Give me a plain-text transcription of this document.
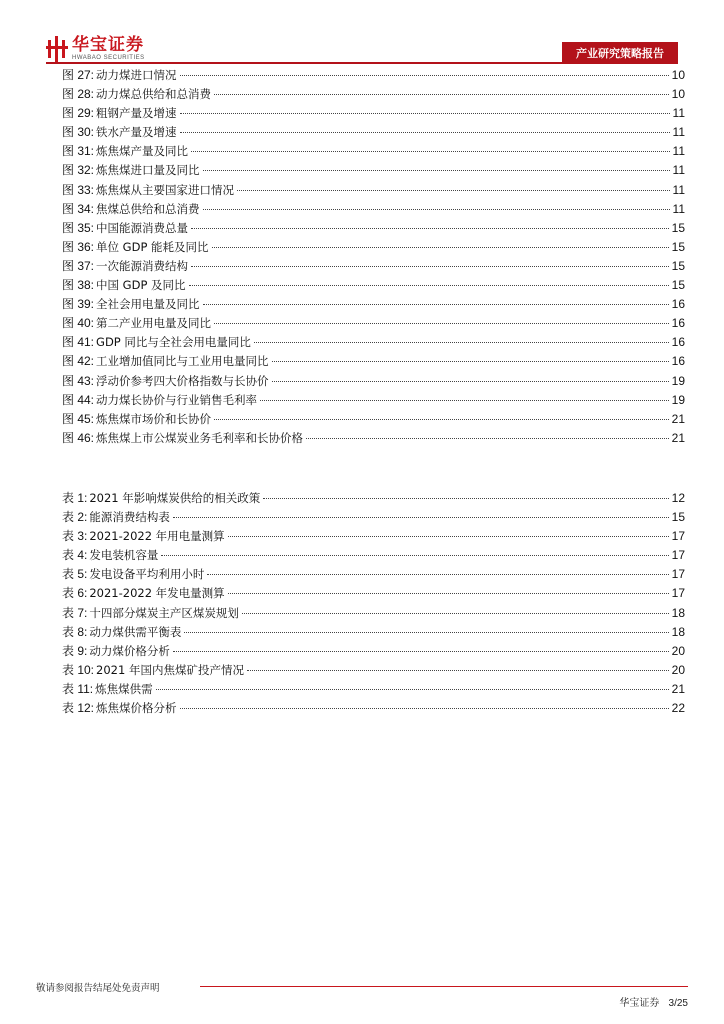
华宝证券
HWABAO SECURITIES	产业研究策略报告
图 27: 动力煤进口情况	10
图 28: 动力煤总供给和总消费	10
图 29: 粗钢产量及增速	11
图 30: 铁水产量及增速	11
图 31: 炼焦煤产量及同比	11
图 32: 炼焦煤进口量及同比	11
图 33: 炼焦煤从主要国家进口情况	11
图 34: 焦煤总供给和总消费	11
图 35: 中国能源消费总量	15
图 36: 单位 GDP 能耗及同比	15
图 37: 一次能源消费结构	15
图 38: 中国 GDP 及同比	15
图 39: 全社会用电量及同比	16
图 40: 第二产业用电量及同比	16
图 41: GDP 同比与全社会用电量同比	16
图 42: 工业增加值同比与工业用电量同比	16
图 43: 浮动价参考四大价格指数与长协价	19
图 44: 动力煤长协价与行业销售毛利率	19
图 45: 炼焦煤市场价和长协价	21
图 46: 炼焦煤上市公煤炭业务毛利率和长协价格	21
表 1: 2021 年影响煤炭供给的相关政策	12
表 2: 能源消费结构表	15
表 3: 2021-2022 年用电量测算	17
表 4: 发电装机容量	17
表 5: 发电设备平均利用小时	17
表 6: 2021-2022 年发电量测算	17
表 7: 十四部分煤炭主产区煤炭规划	18
表 8: 动力煤供需平衡表	18
表 9: 动力煤价格分析	20
表 10: 2021 年国内焦煤矿投产情况	20
表 11: 炼焦煤供需	21
表 12: 炼焦煤价格分析	22
敬请参阅报告结尾处免责声明
华宝证券 3/25
